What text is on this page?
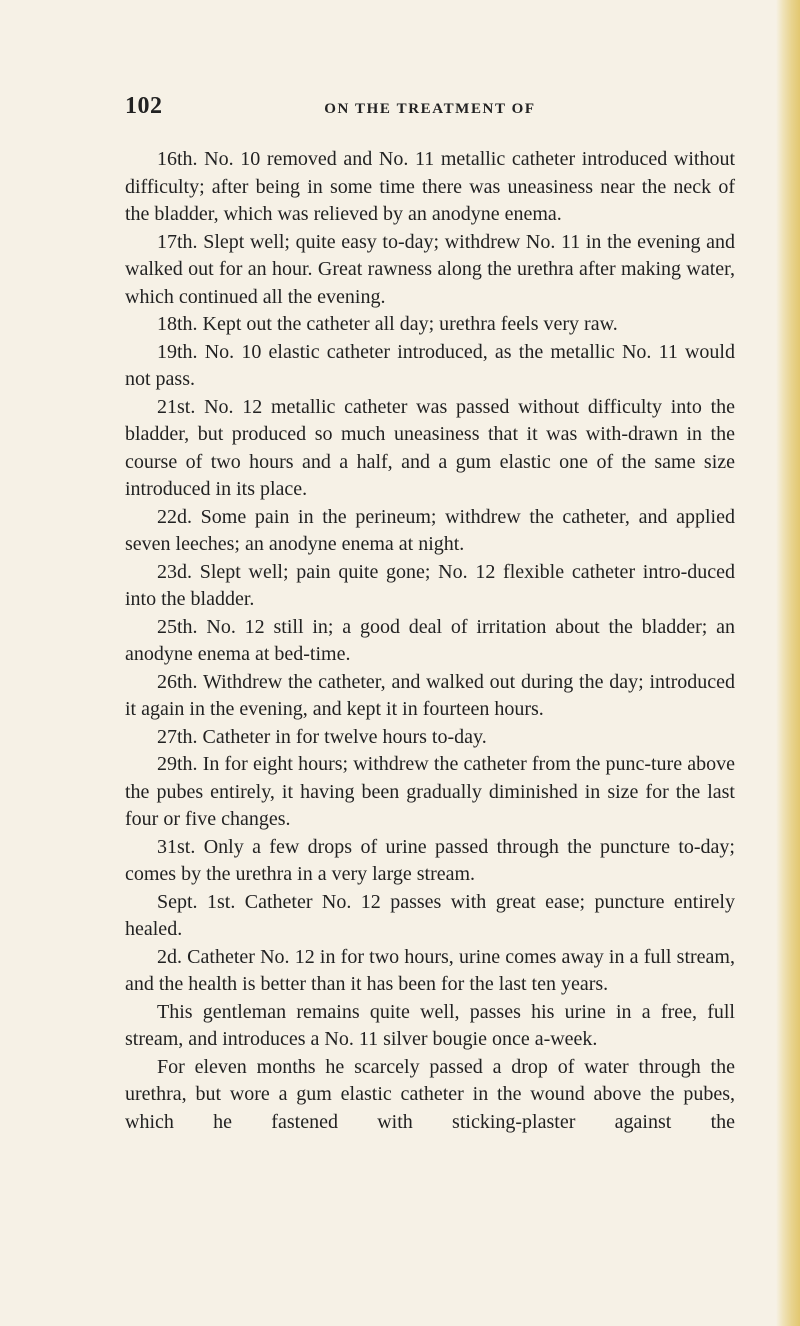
102	ON THE TREATMENT OF

16th. No. 10 removed and No. 11 metallic catheter introduced without difficulty; after being in some time there was uneasiness near the neck of the bladder, which was relieved by an anodyne enema.

17th. Slept well; quite easy to-day; withdrew No. 11 in the evening and walked out for an hour. Great rawness along the urethra after making water, which continued all the evening.

18th. Kept out the catheter all day; urethra feels very raw.

19th. No. 10 elastic catheter introduced, as the metallic No. 11 would not pass.

21st. No. 12 metallic catheter was passed without difficulty into the bladder, but produced so much uneasiness that it was with-drawn in the course of two hours and a half, and a gum elastic one of the same size introduced in its place.

22d. Some pain in the perineum; withdrew the catheter, and applied seven leeches; an anodyne enema at night.

23d. Slept well; pain quite gone; No. 12 flexible catheter intro-duced into the bladder.

25th. No. 12 still in; a good deal of irritation about the bladder; an anodyne enema at bed-time.

26th. Withdrew the catheter, and walked out during the day; introduced it again in the evening, and kept it in fourteen hours.

27th. Catheter in for twelve hours to-day.

29th. In for eight hours; withdrew the catheter from the punc-ture above the pubes entirely, it having been gradually diminished in size for the last four or five changes.

31st. Only a few drops of urine passed through the puncture to-day; comes by the urethra in a very large stream.

Sept. 1st. Catheter No. 12 passes with great ease; puncture entirely healed.

2d. Catheter No. 12 in for two hours, urine comes away in a full stream, and the health is better than it has been for the last ten years.

This gentleman remains quite well, passes his urine in a free, full stream, and introduces a No. 11 silver bougie once a-week.

For eleven months he scarcely passed a drop of water through the urethra, but wore a gum elastic catheter in the wound above the pubes, which he fastened with sticking-plaster against the
